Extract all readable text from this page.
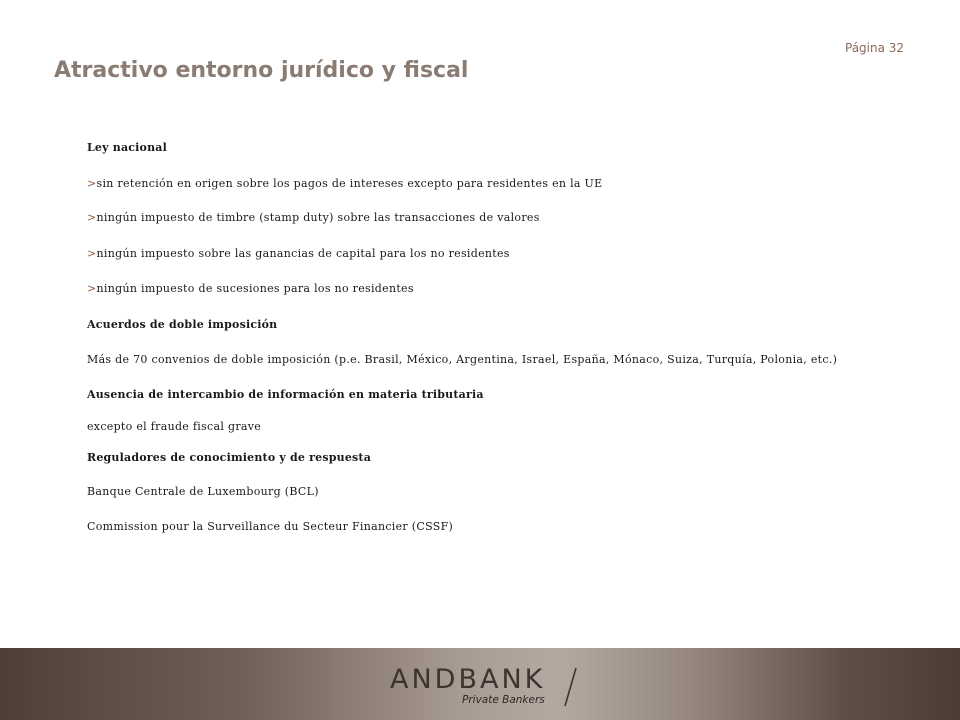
Página 32
Atractivo entorno jurídico y fiscal
Ley nacional
>sin retención en origen sobre los pagos de intereses excepto para residentes en la UE
>ningún impuesto de timbre (stamp duty) sobre las transacciones de valores
>ningún impuesto sobre las ganancias de capital para los no residentes
>ningún impuesto de sucesiones para los no residentes
Acuerdos de doble imposición
Más de 70 convenios de doble imposición (p.e. Brasil, México, Argentina, Israel, España, Mónaco, Suiza, Turquía, Polonia, etc.)
Ausencia de intercambio de información en materia tributaria
excepto el fraude fiscal grave
Reguladores de conocimiento y de respuesta
Banque Centrale de Luxembourg (BCL)
Commission pour la Surveillance du Secteur Financier (CSSF)
ANDBANK
Private Bankers
